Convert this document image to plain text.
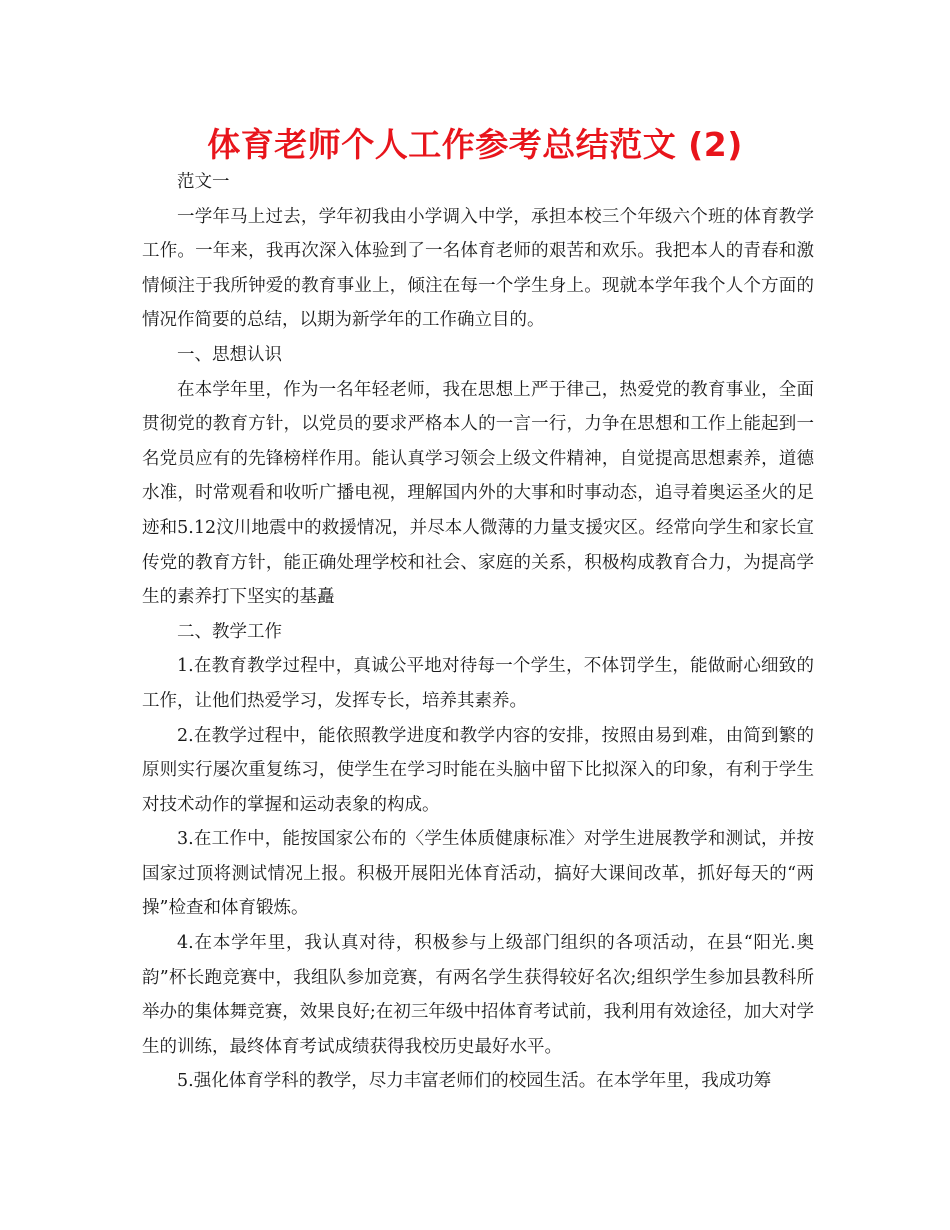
体育老师个人工作参考总结范文 (2)

范文一

一学年马上过去，学年初我由小学调入中学，承担本校三个年级六个班的体育教学工作。一年来，我再次深入体验到了一名体育老师的艰苦和欢乐。我把本人的青春和激情倾注于我所钟爱的教育事业上，倾注在每一个学生身上。现就本学年我个人个方面的情况作简要的总结，以期为新学年的工作确立目的。

一、思想认识

在本学年里，作为一名年轻老师，我在思想上严于律己，热爱党的教育事业，全面贯彻党的教育方针，以党员的要求严格本人的一言一行，力争在思想和工作上能起到一名党员应有的先锋榜样作用。能认真学习领会上级文件精神，自觉提高思想素养，道德水准，时常观看和收听广播电视，理解国内外的大事和时事动态，追寻着奥运圣火的足迹和5.12汶川地震中的救援情况，并尽本人微薄的力量支援灾区。经常向学生和家长宣传党的教育方针，能正确处理学校和社会、家庭的关系，积极构成教育合力，为提高学生的素养打下坚实的基矗

二、教学工作

1.在教育教学过程中，真诚公平地对待每一个学生，不体罚学生，能做耐心细致的工作，让他们热爱学习，发挥专长，培养其素养。

2.在教学过程中，能依照教学进度和教学内容的安排，按照由易到难，由简到繁的原则实行屡次重复练习，使学生在学习时能在头脑中留下比拟深入的印象，有利于学生对技术动作的掌握和运动表象的构成。

3.在工作中，能按国家公布的〈学生体质健康标准〉对学生进展教学和测试，并按国家过顶将测试情况上报。积极开展阳光体育活动，搞好大课间改革，抓好每天的“两操”检查和体育锻炼。

4.在本学年里，我认真对待，积极参与上级部门组织的各项活动，在县“阳光.奥韵”杯长跑竞赛中，我组队参加竞赛，有两名学生获得较好名次;组织学生参加县教科所举办的集体舞竞赛，效果良好;在初三年级中招体育考试前，我利用有效途径，加大对学生的训练，最终体育考试成绩获得我校历史最好水平。

5.强化体育学科的教学，尽力丰富老师们的校园生活。在本学年里，我成功筹
